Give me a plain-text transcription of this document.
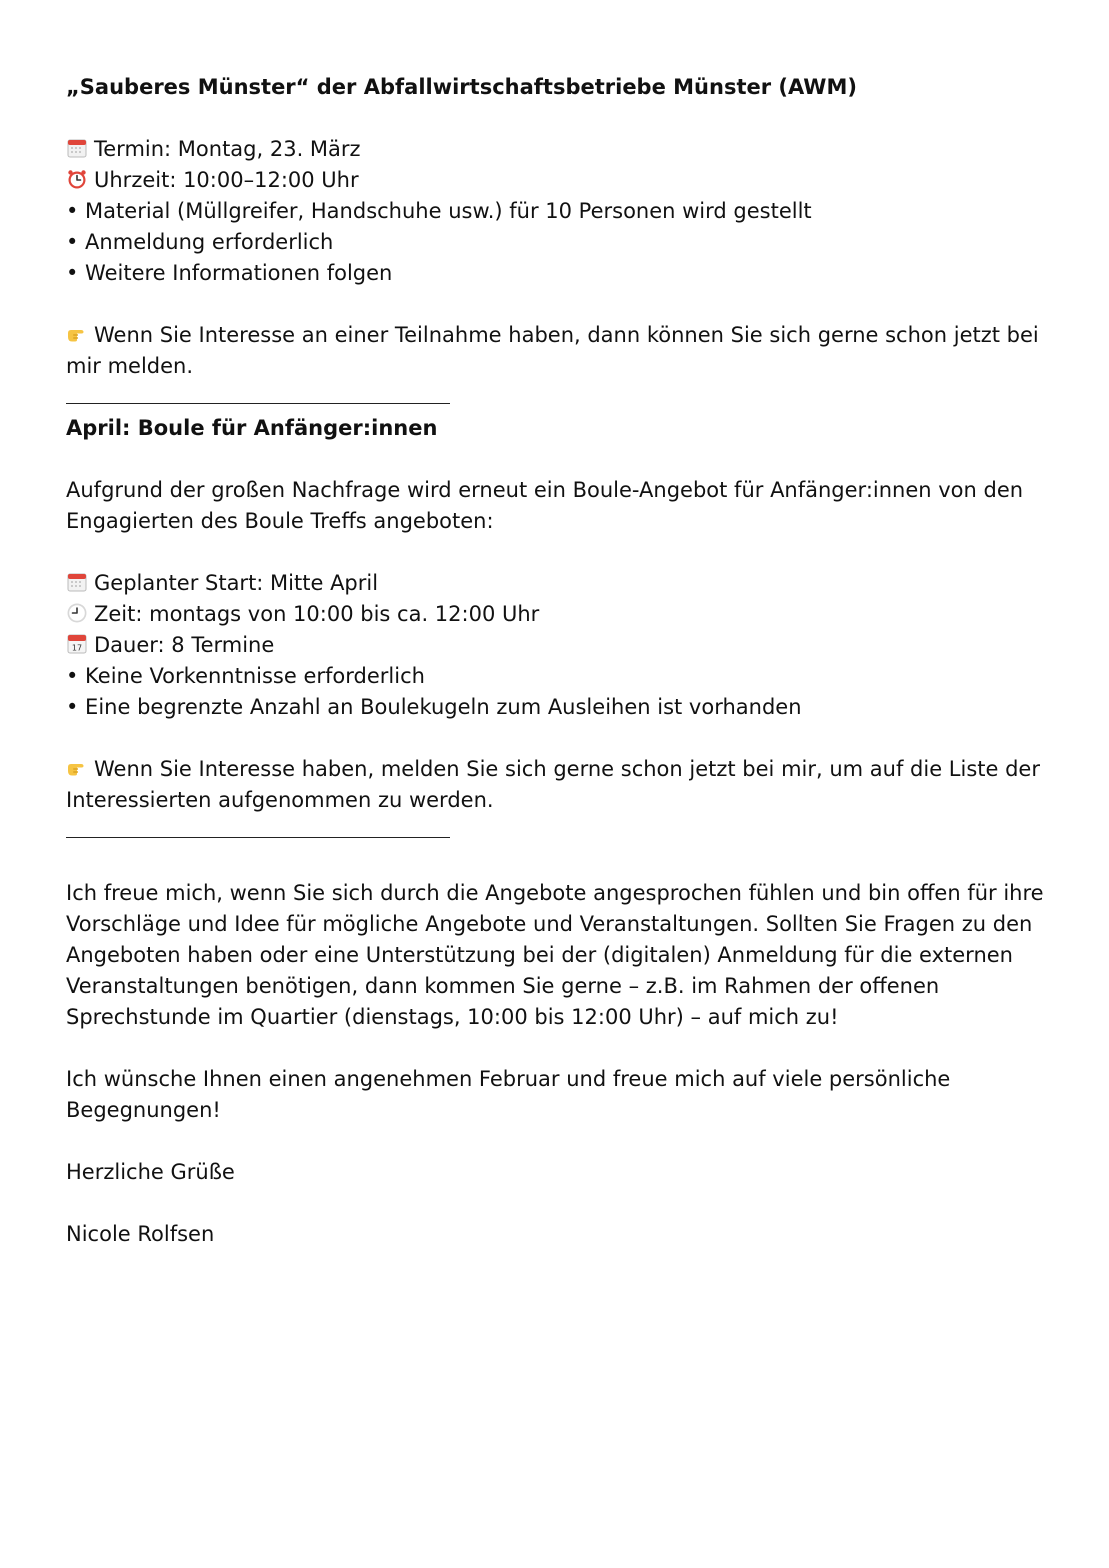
„Sauberes Münster“ der Abfallwirtschaftsbetriebe Münster (AWM)
Termin: Montag, 23. März
Uhrzeit: 10:00–12:00 Uhr
• Material (Müllgreifer, Handschuhe usw.) für 10 Personen wird gestellt
• Anmeldung erforderlich
• Weitere Informationen folgen
Wenn Sie Interesse an einer Teilnahme haben, dann können Sie sich gerne schon jetzt bei mir melden.
April: Boule für Anfänger:innen
Aufgrund der großen Nachfrage wird erneut ein Boule-Angebot für Anfänger:innen von den Engagierten des Boule Treffs angeboten:
Geplanter Start: Mitte April
Zeit: montags von 10:00 bis ca. 12:00 Uhr
17 Dauer: 8 Termine
• Keine Vorkenntnisse erforderlich
• Eine begrenzte Anzahl an Boulekugeln zum Ausleihen ist vorhanden
Wenn Sie Interesse haben, melden Sie sich gerne schon jetzt bei mir, um auf die Liste der Interessierten aufgenommen zu werden.
Ich freue mich, wenn Sie sich durch die Angebote angesprochen fühlen und bin offen für ihre Vorschläge und Idee für mögliche Angebote und Veranstaltungen. Sollten Sie Fragen zu den Angeboten haben oder eine Unterstützung bei der (digitalen) Anmeldung für die externen Veranstaltungen benötigen, dann kommen Sie gerne – z.B. im Rahmen der offenen Sprechstunde im Quartier (dienstags, 10:00 bis 12:00 Uhr) – auf mich zu!
Ich wünsche Ihnen einen angenehmen Februar und freue mich auf viele persönliche Begegnungen!
Herzliche Grüße
Nicole Rolfsen
